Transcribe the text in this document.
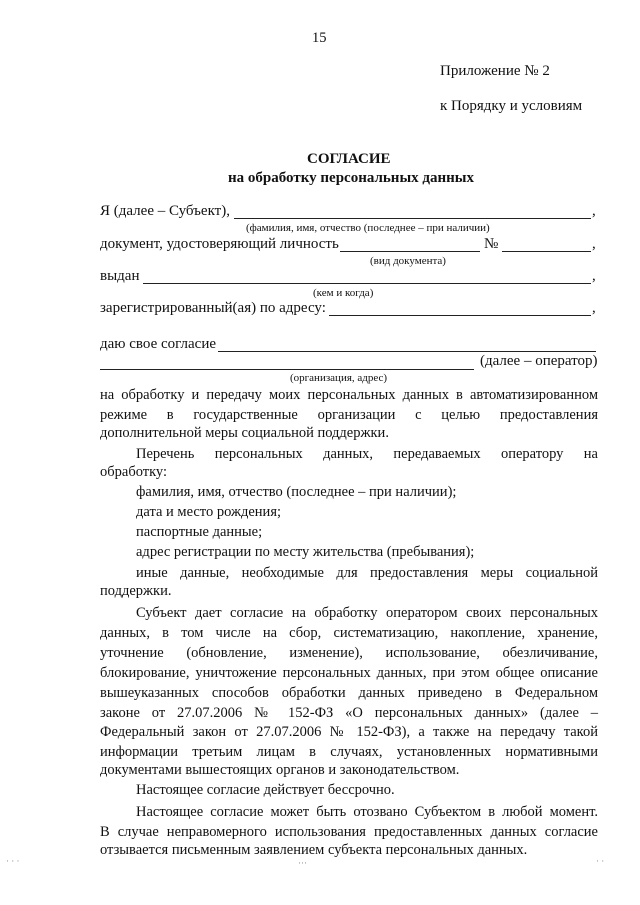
15
Приложение № 2
к Порядку и условиям
СОГЛАСИЕ
на обработку персональных данных
Я (далее – Субъект),	,
(фамилия, имя, отчество (последнее – при наличии)
документ, удостоверяющий личность	№	,
(вид документа)
выдан	,
(кем и когда)
зарегистрированный(ая) по адресу:	,
даю свое согласие
(далее – оператор)
(организация, адрес)
на обработку и передачу моих персональных данных в автоматизированном
режиме в государственные организации с целью предоставления
дополнительной меры социальной поддержки.
Перечень персональных данных, передаваемых оператору на
обработку:
фамилия, имя, отчество (последнее – при наличии);
дата и место рождения;
паспортные данные;
адрес регистрации по месту жительства (пребывания);
иные данные, необходимые для предоставления меры социальной
поддержки.
Субъект дает согласие на обработку оператором своих персональных
данных, в том числе на сбор, систематизацию, накопление, хранение,
уточнение (обновление, изменение), использование, обезличивание,
блокирование, уничтожение персональных данных, при этом общее описание
вышеуказанных способов обработки данных приведено в Федеральном
законе от 27.07.2006 № 152-ФЗ «О персональных данных» (далее –
Федеральный закон от 27.07.2006 № 152-ФЗ), а также на передачу такой
информации третьим лицам в случаях, установленных нормативными
документами вышестоящих органов и законодательством.
Настоящее согласие действует бессрочно.
Настоящее согласие может быть отозвано Субъектом в любой момент.
В случае неправомерного использования предоставленных данных согласие
отзывается письменным заявлением субъекта персональных данных.
· · ·	···	· ·
